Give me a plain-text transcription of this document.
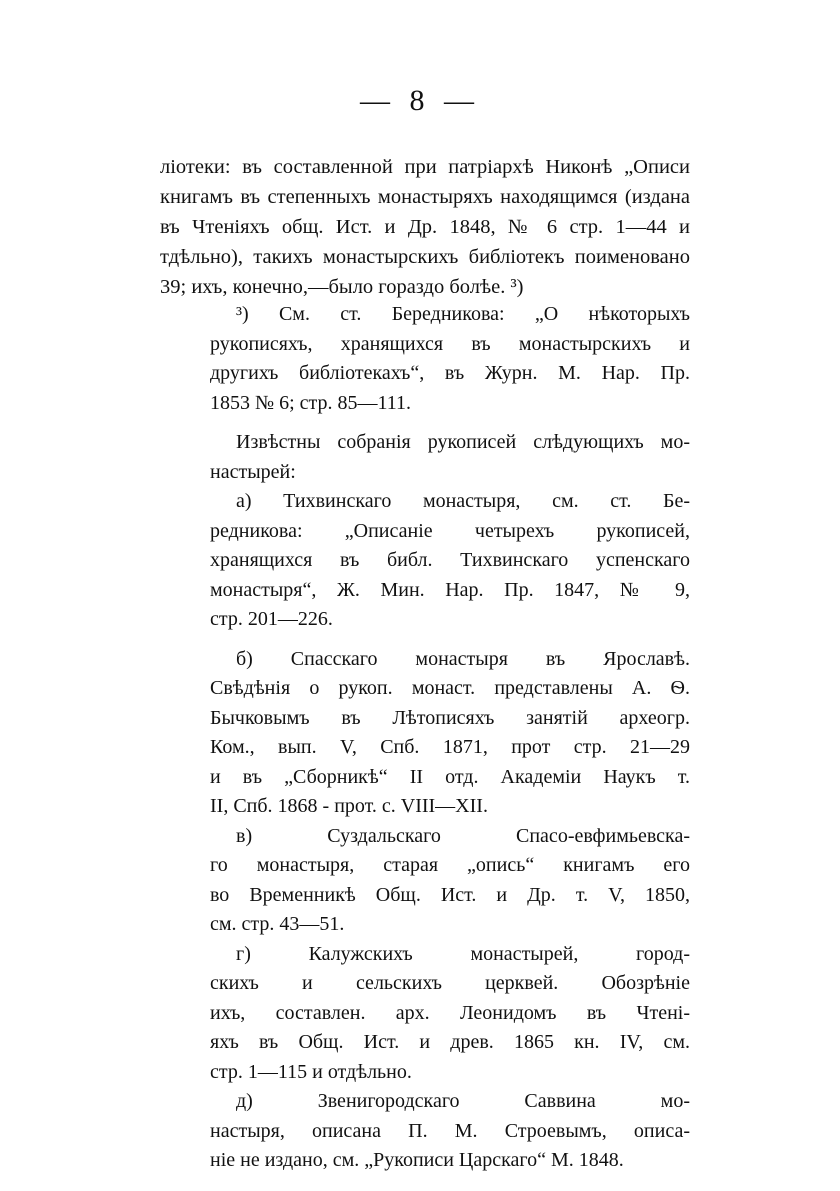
— 8 —
ліотеки: въ составленной при патріархѣ Никонѣ „Описи
книгамъ въ степенныхъ монастыряхъ находящимся (издана
въ Чтеніяхъ общ. Ист. и Др. 1848, № 6 стр. 1—44 и
тдѣльно), такихъ монастырскихъ библіотекъ поименовано
39; ихъ, конечно,—было гораздо болѣе. ³)
³) См. ст. Бередникова: „О нѣкоторыхъ
рукописяхъ, хранящихся въ монастырскихъ и
другихъ библіотекахъ“, въ Журн. М. Нар. Пр.
1853 № 6; стр. 85—111.
Извѣстны собранія рукописей слѣдующихъ мо-
настырей:
а) Тихвинскаго монастыря, см. ст. Бе-
редникова: „Описаніе четырехъ рукописей,
хранящихся въ библ. Тихвинскаго успенскаго
монастыря“, Ж. Мин. Нар. Пр. 1847, № 9,
стр. 201—226.
б) Спасскаго монастыря въ Ярославѣ.
Свѣдѣнія о рукоп. монаст. представлены А. Ѳ.
Бычковымъ въ Лѣтописяхъ занятій археогр.
Ком., вып. V, Спб. 1871, прот стр. 21—29
и въ „Сборникѣ“ II отд. Академіи Наукъ т.
II, Спб. 1868 - прот. с. VIII—XII.
в) Суздальскаго Спасо-евфимьевска-
го монастыря, старая „опись“ книгамъ его
во Временникѣ Общ. Ист. и Др. т. V, 1850,
см. стр. 43—51.
г) Калужскихъ монастырей, город-
скихъ и сельскихъ церквей. Обозрѣніе
ихъ, составлен. арх. Леонидомъ въ Чтені-
яхъ въ Общ. Ист. и древ. 1865 кн. IV, см.
стр. 1—115 и отдѣльно.
д) Звенигородскаго Саввина мо-
настыря, описана П. М. Строевымъ, описа-
ніе не издано, см. „Рукописи Царскаго“ М. 1848.
